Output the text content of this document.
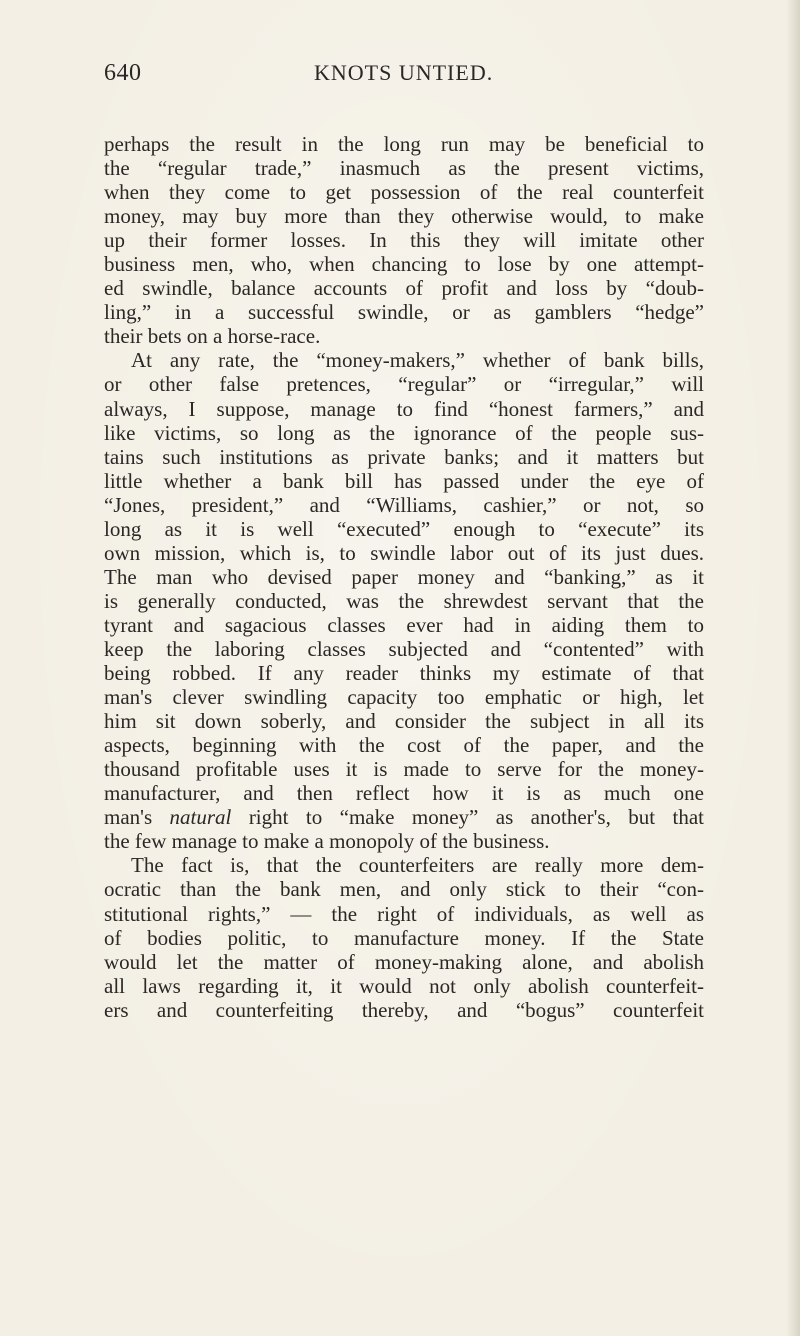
640	KNOTS UNTIED.
perhaps the result in the long run may be beneficial to
the “regular trade,” inasmuch as the present victims,
when they come to get possession of the real counterfeit
money, may buy more than they otherwise would, to make
up their former losses. In this they will imitate other
business men, who, when chancing to lose by one attempt-
ed swindle, balance accounts of profit and loss by “doub-
ling,” in a successful swindle, or as gamblers “hedge”
their bets on a horse-race.
At any rate, the “money-makers,” whether of bank bills,
or other false pretences, “regular” or “irregular,” will
always, I suppose, manage to find “honest farmers,” and
like victims, so long as the ignorance of the people sus-
tains such institutions as private banks; and it matters but
little whether a bank bill has passed under the eye of
“Jones, president,” and “Williams, cashier,” or not, so
long as it is well “executed” enough to “execute” its
own mission, which is, to swindle labor out of its just dues.
The man who devised paper money and “banking,” as it
is generally conducted, was the shrewdest servant that the
tyrant and sagacious classes ever had in aiding them to
keep the laboring classes subjected and “contented” with
being robbed. If any reader thinks my estimate of that
man's clever swindling capacity too emphatic or high, let
him sit down soberly, and consider the subject in all its
aspects, beginning with the cost of the paper, and the
thousand profitable uses it is made to serve for the money-
manufacturer, and then reflect how it is as much one
man's natural right to “make money” as another's, but that
the few manage to make a monopoly of the business.
The fact is, that the counterfeiters are really more dem-
ocratic than the bank men, and only stick to their “con-
stitutional rights,” — the right of individuals, as well as
of bodies politic, to manufacture money. If the State
would let the matter of money-making alone, and abolish
all laws regarding it, it would not only abolish counterfeit-
ers and counterfeiting thereby, and “bogus” counterfeit
